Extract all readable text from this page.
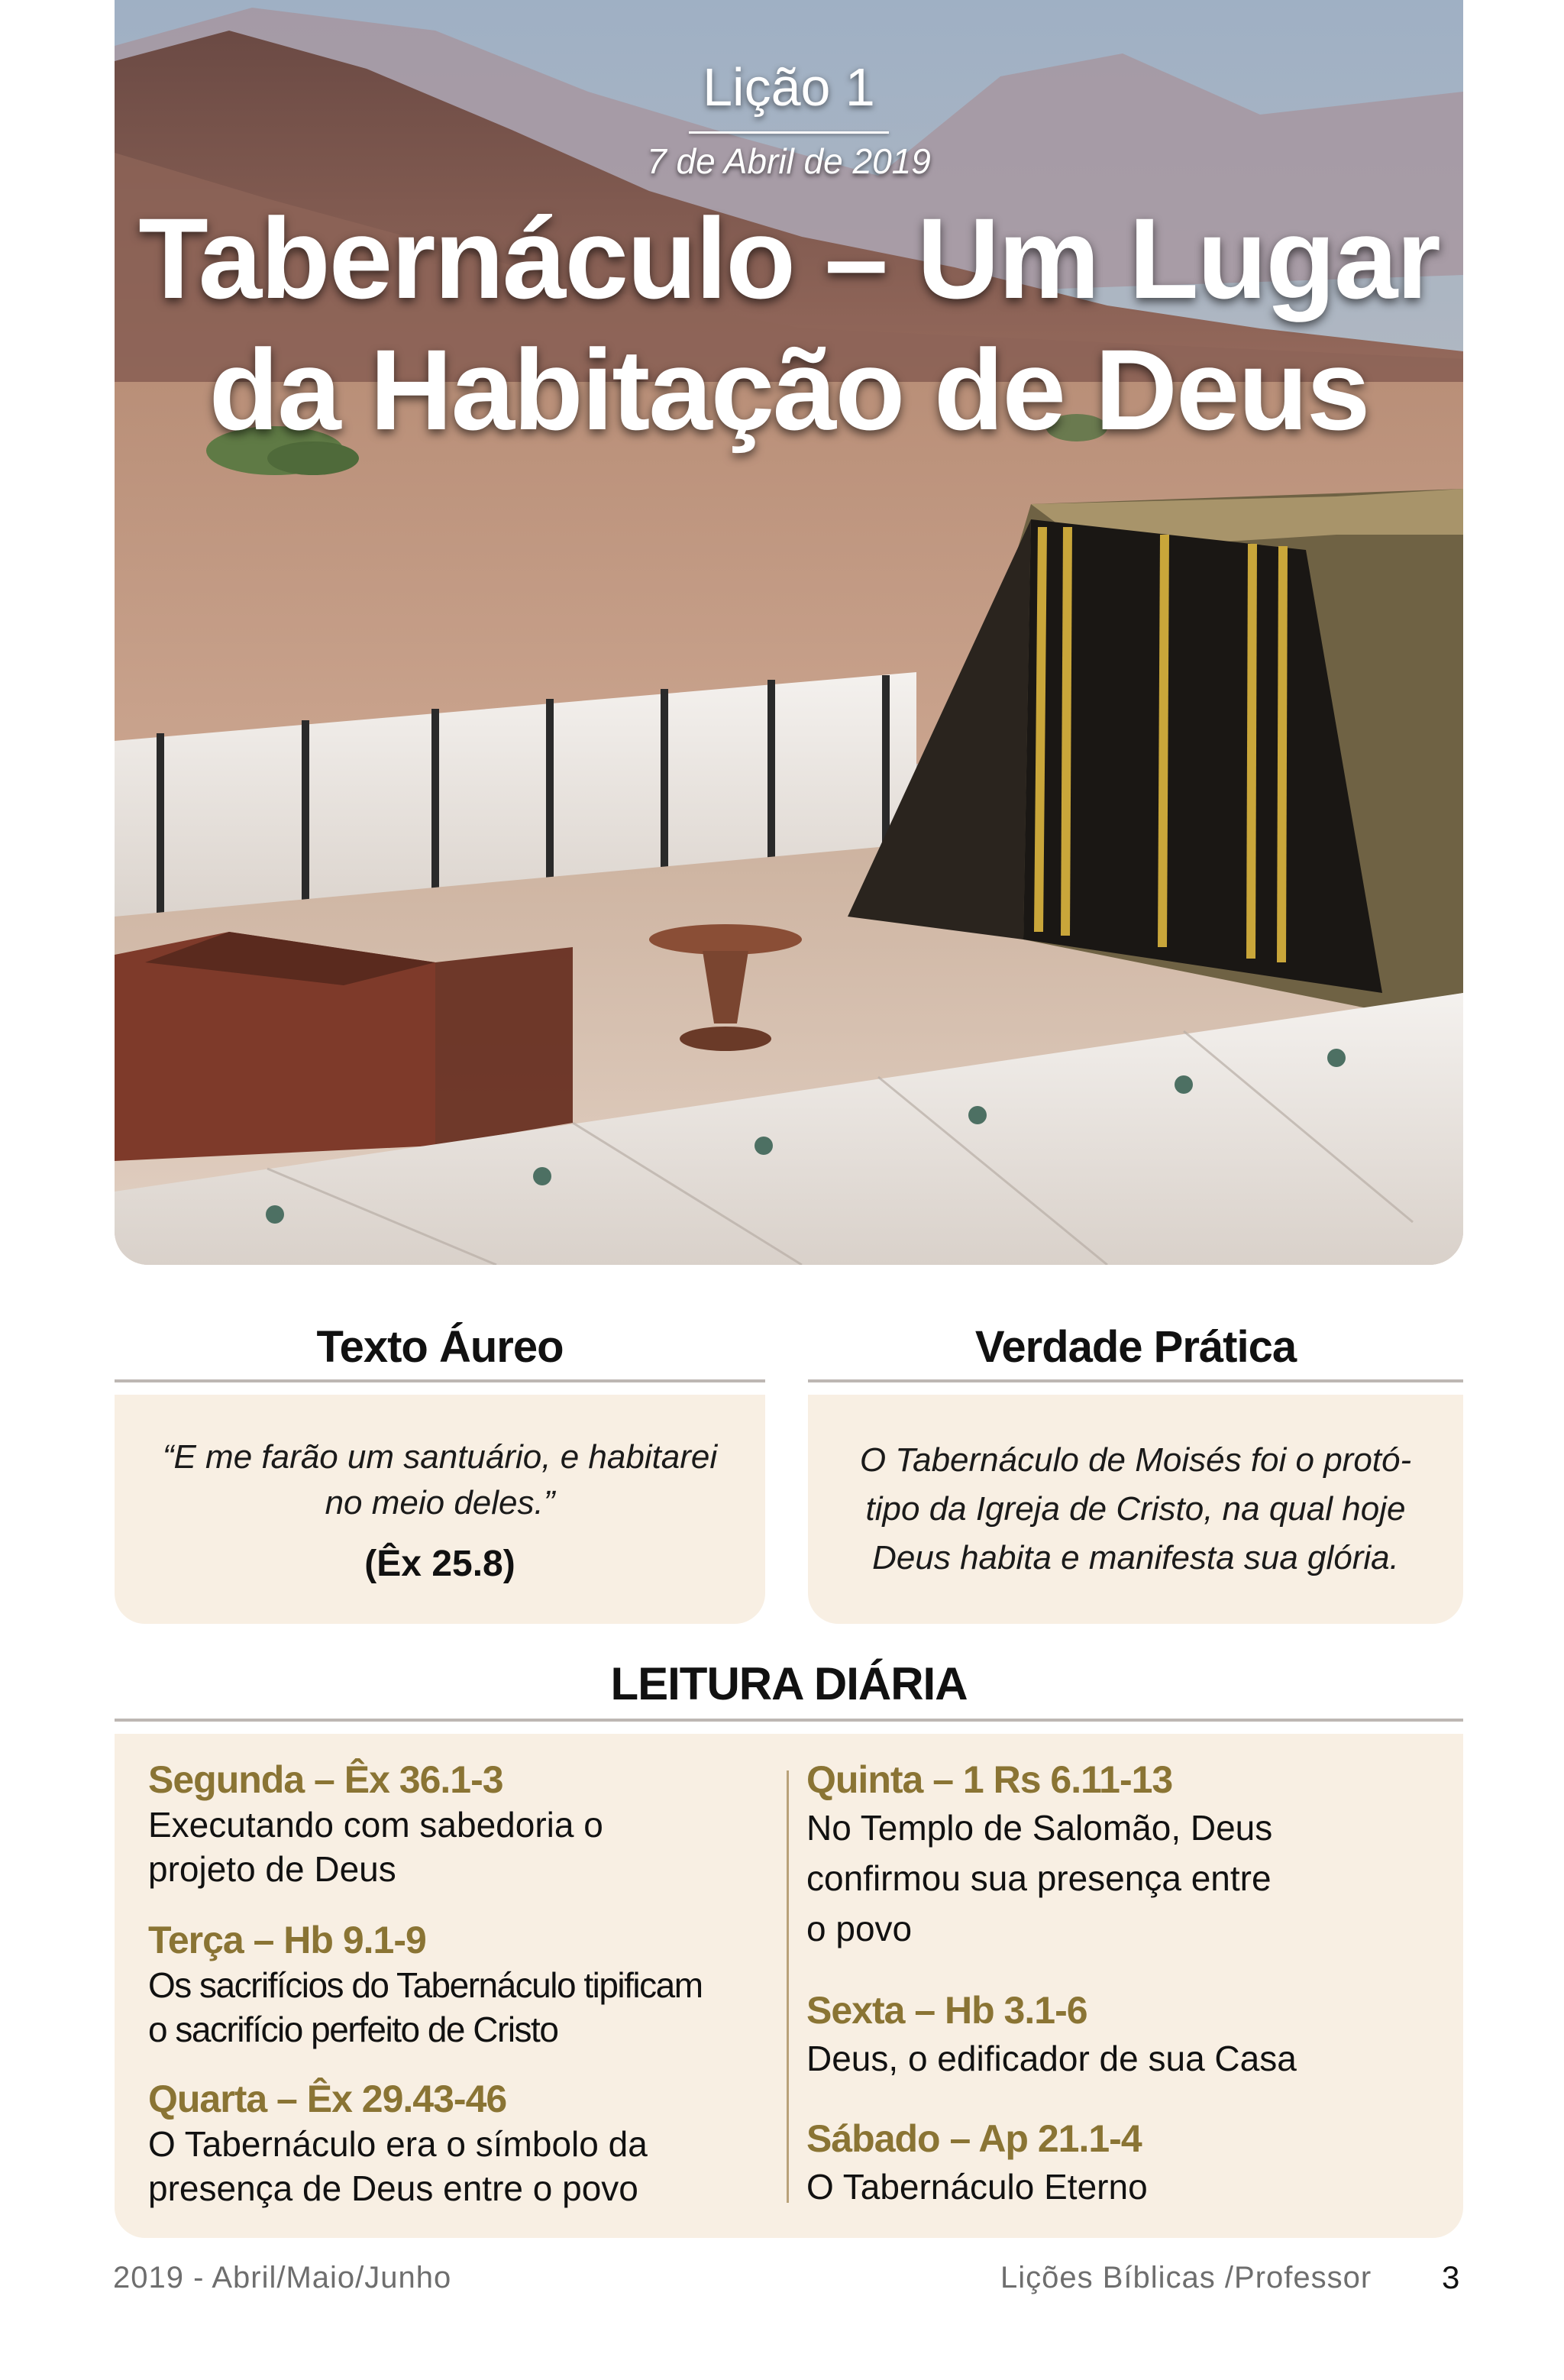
Lição 1
7 de Abril de 2019
Tabernáculo – Um Lugar
da Habitação de Deus
Texto Áureo
“E me farão um santuário, e habitarei
no meio deles.”
(Êx 25.8)
Verdade Prática
O Tabernáculo de Moisés foi o protó-
tipo da Igreja de Cristo, na qual hoje
Deus habita e manifesta sua glória.
LEITURA DIÁRIA
Segunda – Êx 36.1-3
Executando com sabedoria o
projeto de Deus
Terça – Hb 9.1-9
Os sacrifícios do Tabernáculo tipificam
o sacrifício perfeito de Cristo
Quarta – Êx 29.43-46
O Tabernáculo era o símbolo da
presença de Deus entre o povo
Quinta – 1 Rs 6.11-13
No Templo de Salomão, Deus
confirmou sua presença entre
o povo
Sexta – Hb 3.1-6
Deus, o edificador de sua Casa
Sábado – Ap 21.1-4
O Tabernáculo Eterno
2019 - Abril/Maio/Junho	Lições Bíblicas /Professor 3
